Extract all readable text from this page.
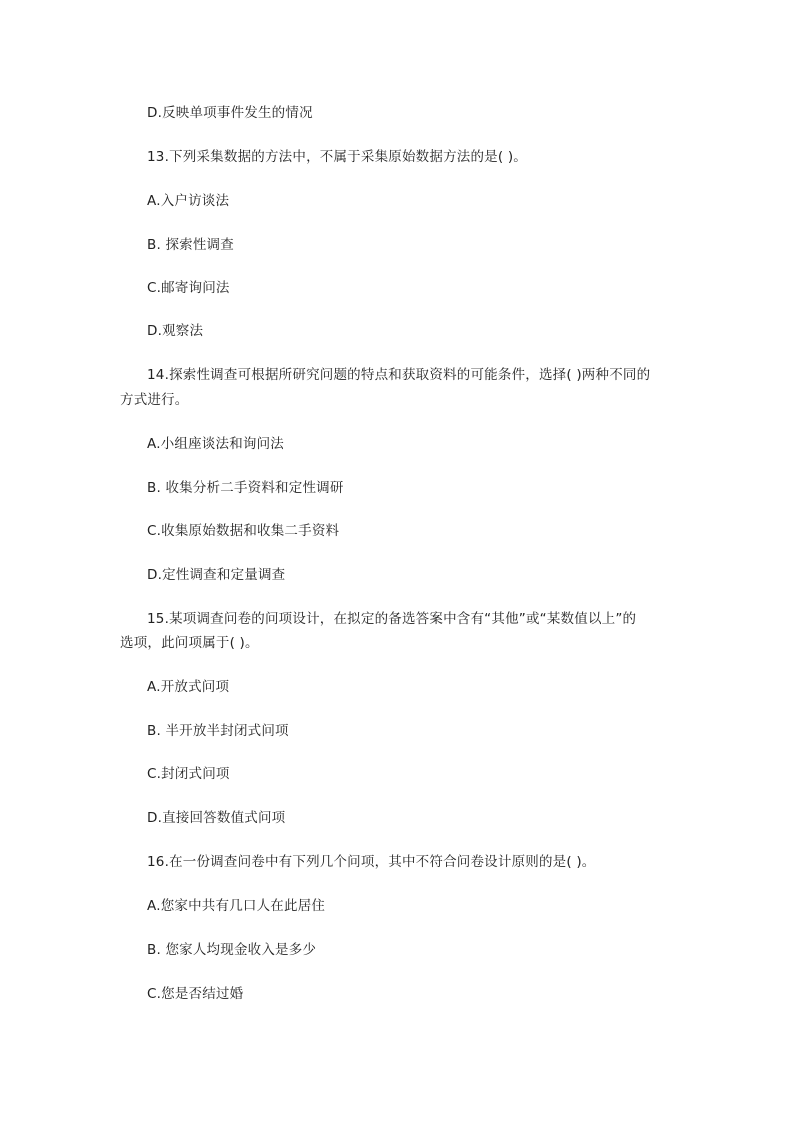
D.反映单项事件发生的情况
13.下列采集数据的方法中，不属于采集原始数据方法的是( )。
A.入户访谈法
B. 探索性调查
C.邮寄询问法
D.观察法
14.探索性调查可根据所研究问题的特点和获取资料的可能条件，选择( )两种不同的
方式进行。
A.小组座谈法和询问法
B. 收集分析二手资料和定性调研
C.收集原始数据和收集二手资料
D.定性调查和定量调查
15.某项调查问卷的问项设计，在拟定的备选答案中含有“其他”或“某数值以上”的
选项，此问项属于( )。
A.开放式问项
B. 半开放半封闭式问项
C.封闭式问项
D.直接回答数值式问项
16.在一份调查问卷中有下列几个问项，其中不符合问卷设计原则的是( )。
A.您家中共有几口人在此居住
B. 您家人均现金收入是多少
C.您是否结过婚
